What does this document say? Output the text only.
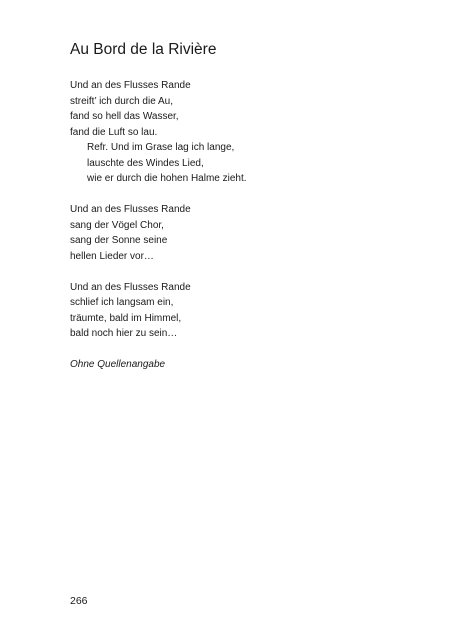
Au Bord de la Rivière
Und an des Flusses Rande
streift’ ich durch die Au,
fand so hell das Wasser,
fand die Luft so lau.
Refr. Und im Grase lag ich lange,
lauschte des Windes Lied,
wie er durch die hohen Halme zieht.
Und an des Flusses Rande
sang der Vögel Chor,
sang der Sonne seine
hellen Lieder vor…
Und an des Flusses Rande
schlief ich langsam ein,
träumte, bald im Himmel,
bald noch hier zu sein…
Ohne Quellenangabe
266
